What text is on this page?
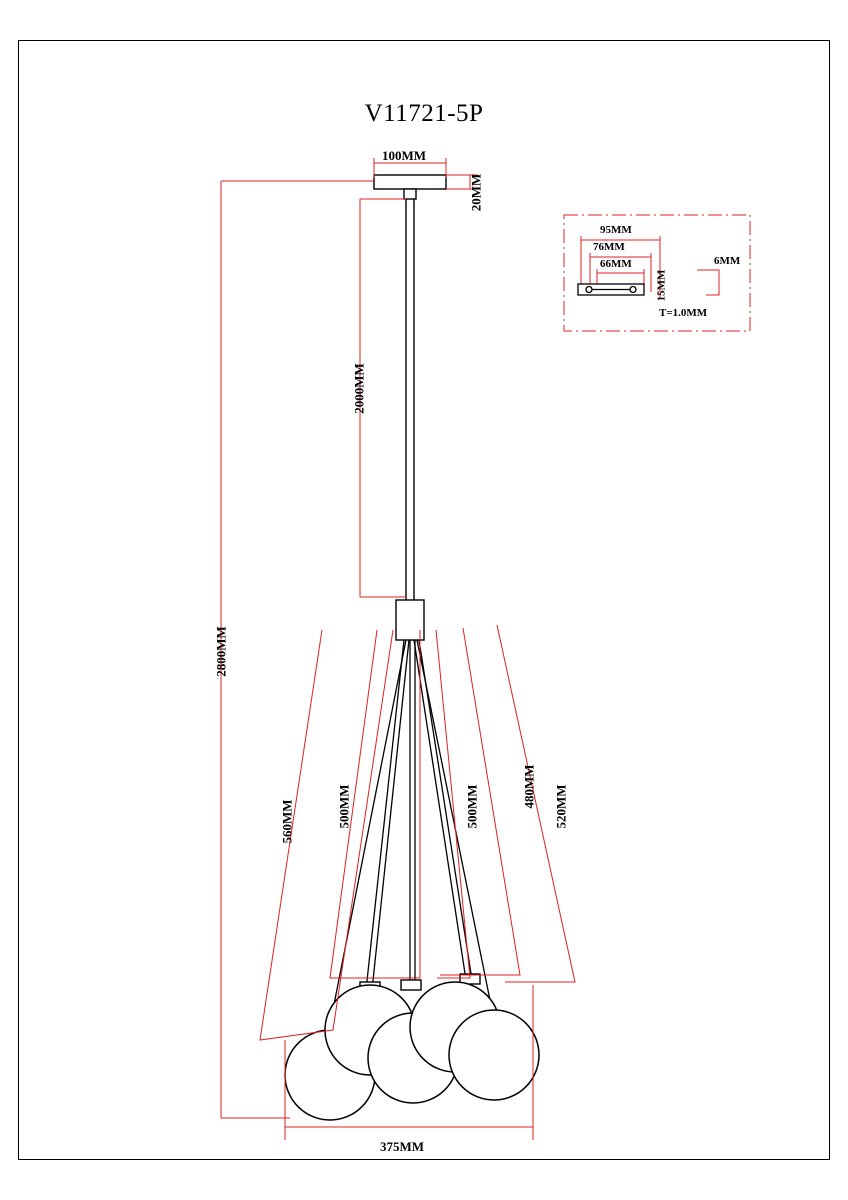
V11721-5P
100MM
20MM
2000MM
2800MM
375MM
560MM	500MM	500MM	480MM 520MM
95MM
76MM
66MM
15MM
6MM
T=1.0MM
